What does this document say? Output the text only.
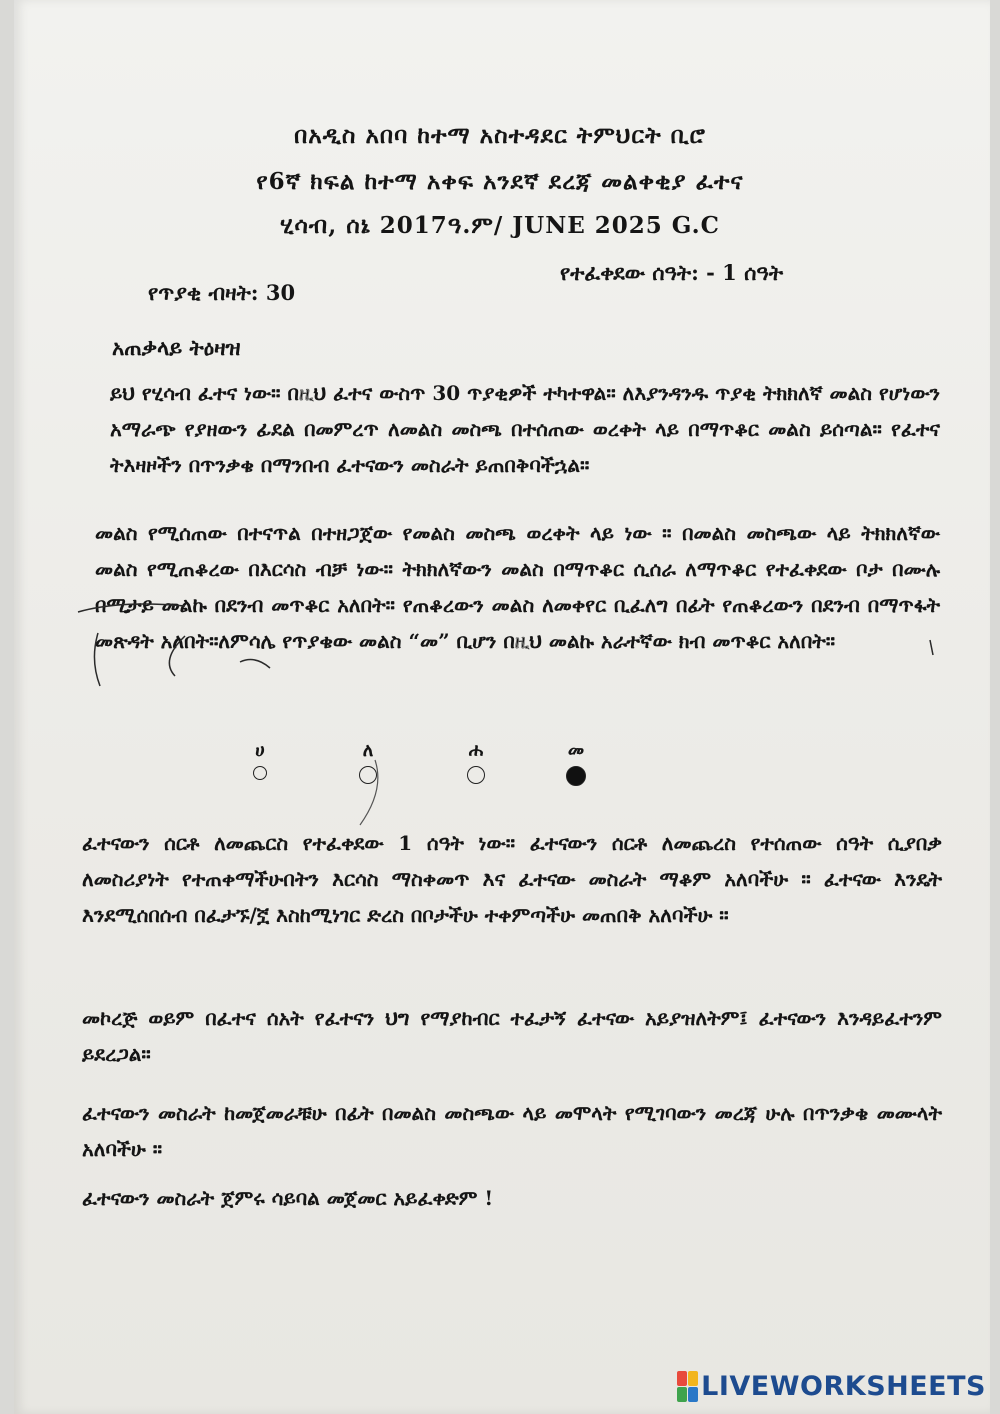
በአዲስ አበባ ከተማ አስተዳደር ትምህርት ቢሮ
የ6ኛ ክፍል ከተማ አቀፍ አንደኛ ደረጃ መልቀቂያ ፈተና
ሂሳብ, ሰኔ 2017ዓ.ም/ JUNE 2025 G.C
የጥያቂ ብዛት: 30
የተፈቀደው ሰዓት: - 1 ሰዓት
አጠቃላይ ትዕዛዝ
ይህ የሂሳብ ፈተና ነው። በዚህ ፈተና ውስጥ 30 ጥያቂዎች ተካተዋል። ለእያንዳንዱ ጥያቂ ትክክለኛ መልስ የሆነውን አማራጭ የያዘውን ፊደል በመምረጥ ለመልስ መስጫ በተሰጠው ወረቀት ላይ በማጥቆር መልስ ይሰጣል። የፈተና ትእዛዞችን በጥንቃቄ በማንበብ ፈተናውን መስራት ይጠበቅባችኋል።
መልስ የሚሰጠው በተናጥል በተዘጋጀው የመልስ መስጫ ወረቀት ላይ ነው ። በመልስ መስጫው ላይ ትክክለኛው መልስ የሚጠቆረው በእርሳስ ብቻ ነው። ትክክለኛውን መልስ በማጥቆር ሲሰራ ለማጥቆር የተፈቀደው ቦታ በሙሉ በሚታይ መልኩ በደንብ መጥቆር አለበት። የጠቆረውን መልስ ለመቀየር ቢፈለግ በፊት የጠቆረውን በደንብ በማጥፋት መጽዳት አለበት።ለምሳሌ የጥያቄው መልስ “መ” ቢሆን በዚህ መልኩ አራተኛው ክብ መጥቆር አለበት።
ሀ	ለ	ሐ	መ
ፈተናውን ሰርቶ ለመጨርስ የተፈቀደው 1 ሰዓት ነው። ፈተናውን ሰርቶ ለመጨረስ የተሰጠው ሰዓት ሲያበቃ ለመስሪያነት የተጠቀማችሁበትን እርሳስ ማስቀመጥ እና ፈተናው መስራት ማቆም አለባችሁ ። ፈተናው እንዴት እንደሚሰበሰብ በፈታኙ/ኟ እስከሚነገር ድረስ በቦታችሁ ተቀምጣችሁ መጠበቅ አለባችሁ ።
መኮረጅ ወይም በፈተና ሰአት የፈተናን ህግ የማያከብር ተፈታኝ ፈተናው አይያዝለትም፤ ፈተናውን እንዳይፈተንም ይደረጋል።
ፈተናውን መስራት ከመጀመራቹሁ በፊት በመልስ መስጫው ላይ መሞላት የሚገባውን መረጃ ሁሉ በጥንቃቄ መሙላት አለባችሁ ።
ፈተናውን መስራት ጀምሩ ሳይባል መጀመር አይፈቀድም !
LIVEWORKSHEETS
